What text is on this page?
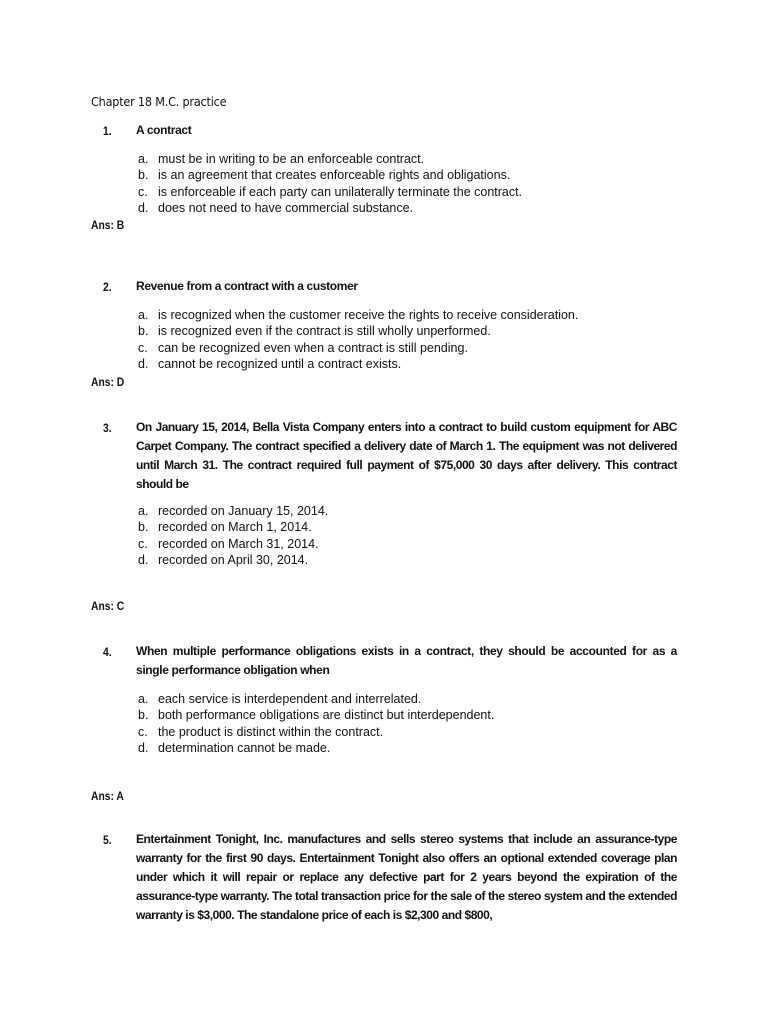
Chapter 18 M.C. practice
1. A contract
a. must be in writing to be an enforceable contract.
b. is an agreement that creates enforceable rights and obligations.
c. is enforceable if each party can unilaterally terminate the contract.
d. does not need to have commercial substance.
Ans: B
2. Revenue from a contract with a customer
a. is recognized when the customer receive the rights to receive consideration.
b. is recognized even if the contract is still wholly unperformed.
c. can be recognized even when a contract is still pending.
d. cannot be recognized until a contract exists.
Ans: D
3. On January 15, 2014, Bella Vista Company enters into a contract to build custom equipment for ABC Carpet Company. The contract specified a delivery date of March 1. The equipment was not delivered until March 31. The contract required full payment of $75,000 30 days after delivery. This contract should be
a. recorded on January 15, 2014.
b. recorded on March 1, 2014.
c. recorded on March 31, 2014.
d. recorded on April 30, 2014.
Ans: C
4. When multiple performance obligations exists in a contract, they should be accounted for as a single performance obligation when
a. each service is interdependent and interrelated.
b. both performance obligations are distinct but interdependent.
c. the product is distinct within the contract.
d. determination cannot be made.
Ans: A
5. Entertainment Tonight, Inc. manufactures and sells stereo systems that include an assurance-type warranty for the first 90 days. Entertainment Tonight also offers an optional extended coverage plan under which it will repair or replace any defective part for 2 years beyond the expiration of the assurance-type warranty. The total transaction price for the sale of the stereo system and the extended warranty is $3,000. The standalone price of each is $2,300 and $800,
